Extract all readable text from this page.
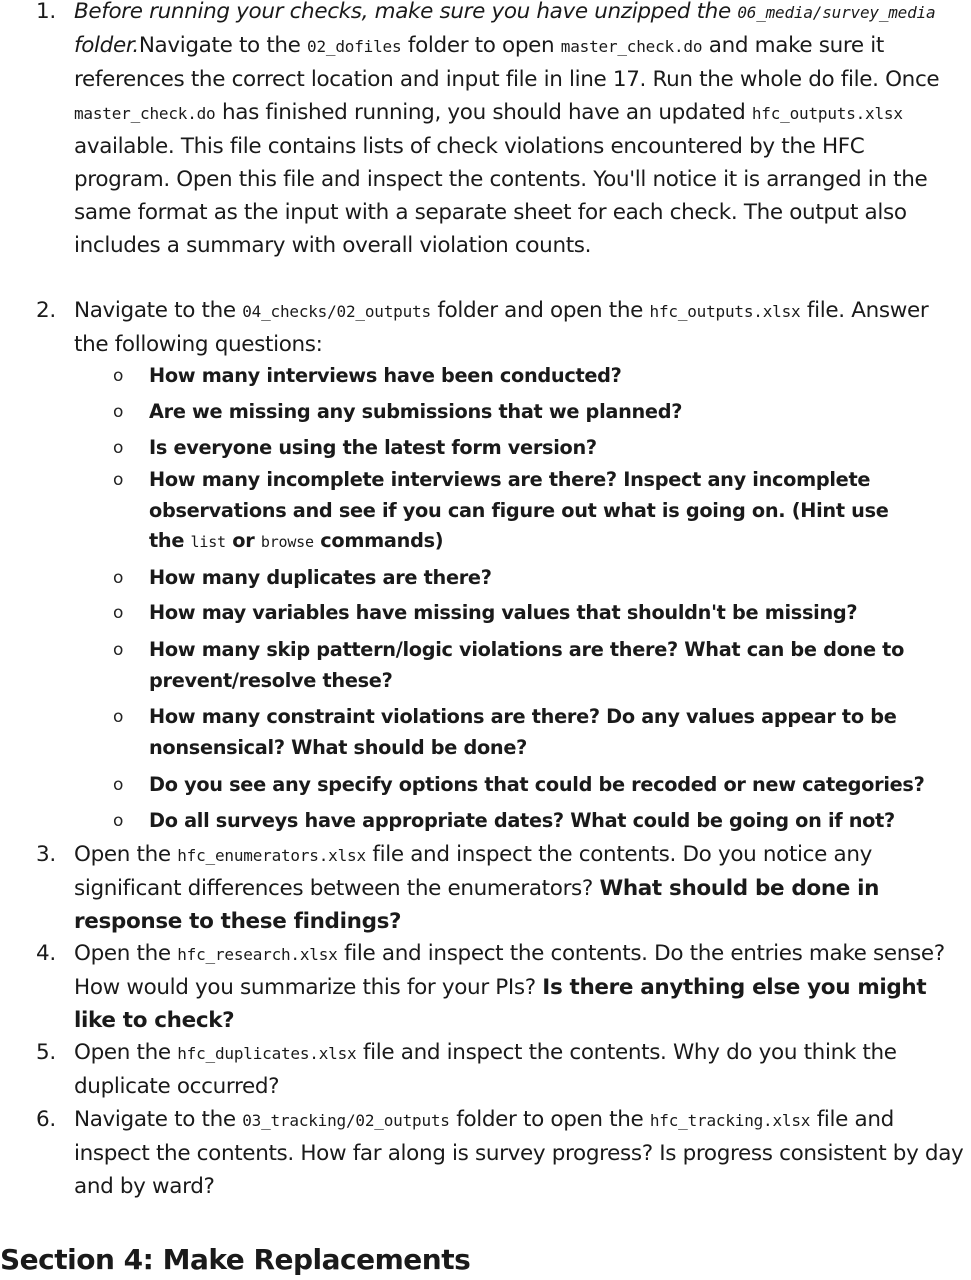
1. Before running your checks, make sure you have unzipped the 06_media/survey_media folder.Navigate to the 02_dofiles folder to open master_check.do and make sure it references the correct location and input file in line 17. Run the whole do file. Once master_check.do has finished running, you should have an updated hfc_outputs.xlsx available. This file contains lists of check violations encountered by the HFC program. Open this file and inspect the contents. You'll notice it is arranged in the same format as the input with a separate sheet for each check. The output also includes a summary with overall violation counts.
2. Navigate to the 04_checks/02_outputs folder and open the hfc_outputs.xlsx file. Answer the following questions:
o How many interviews have been conducted?
o Are we missing any submissions that we planned?
o Is everyone using the latest form version?
o How many incomplete interviews are there? Inspect any incomplete observations and see if you can figure out what is going on. (Hint use the list or browse commands)
o How many duplicates are there?
o How may variables have missing values that shouldn't be missing?
o How many skip pattern/logic violations are there? What can be done to prevent/resolve these?
o How many constraint violations are there? Do any values appear to be nonsensical? What should be done?
o Do you see any specify options that could be recoded or new categories?
o Do all surveys have appropriate dates? What could be going on if not?
3. Open the hfc_enumerators.xlsx file and inspect the contents. Do you notice any significant differences between the enumerators? What should be done in response to these findings?
4. Open the hfc_research.xlsx file and inspect the contents. Do the entries make sense? How would you summarize this for your PIs? Is there anything else you might like to check?
5. Open the hfc_duplicates.xlsx file and inspect the contents. Why do you think the duplicate occurred?
6. Navigate to the 03_tracking/02_outputs folder to open the hfc_tracking.xlsx file and inspect the contents. How far along is survey progress? Is progress consistent by day and by ward?
Section 4: Make Replacements
